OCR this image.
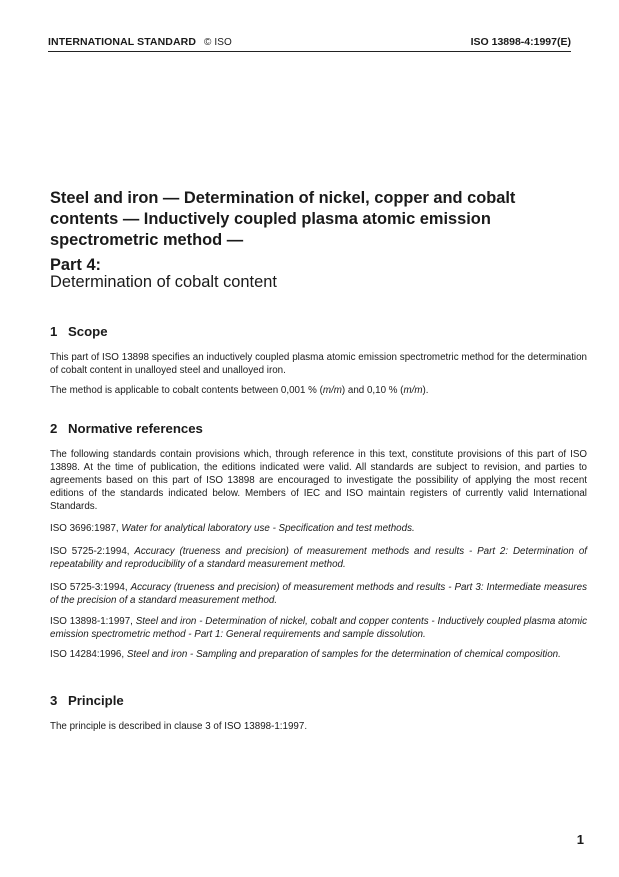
INTERNATIONAL STANDARD © ISO	ISO 13898-4:1997(E)
Steel and iron — Determination of nickel, copper and cobalt contents — Inductively coupled plasma atomic emission spectrometric method —
Part 4:
Determination of cobalt content
1 Scope
This part of ISO 13898 specifies an inductively coupled plasma atomic emission spectrometric method for the determination of cobalt content in unalloyed steel and unalloyed iron.
The method is applicable to cobalt contents between 0,001 % (m/m) and 0,10 % (m/m).
2 Normative references
The following standards contain provisions which, through reference in this text, constitute provisions of this part of ISO 13898. At the time of publication, the editions indicated were valid. All standards are subject to revision, and parties to agreements based on this part of ISO 13898 are encouraged to investigate the possibility of applying the most recent editions of the standards indicated below. Members of IEC and ISO maintain registers of currently valid International Standards.
ISO 3696:1987, Water for analytical laboratory use - Specification and test methods.
ISO 5725-2:1994, Accuracy (trueness and precision) of measurement methods and results - Part 2: Determination of repeatability and reproducibility of a standard measurement method.
ISO 5725-3:1994, Accuracy (trueness and precision) of measurement methods and results - Part 3: Intermediate measures of the precision of a standard measurement method.
ISO 13898-1:1997, Steel and iron - Determination of nickel, cobalt and copper contents - Inductively coupled plasma atomic emission spectrometric method - Part 1: General requirements and sample dissolution.
ISO 14284:1996, Steel and iron - Sampling and preparation of samples for the determination of chemical composition.
3 Principle
The principle is described in clause 3 of ISO 13898-1:1997.
1
